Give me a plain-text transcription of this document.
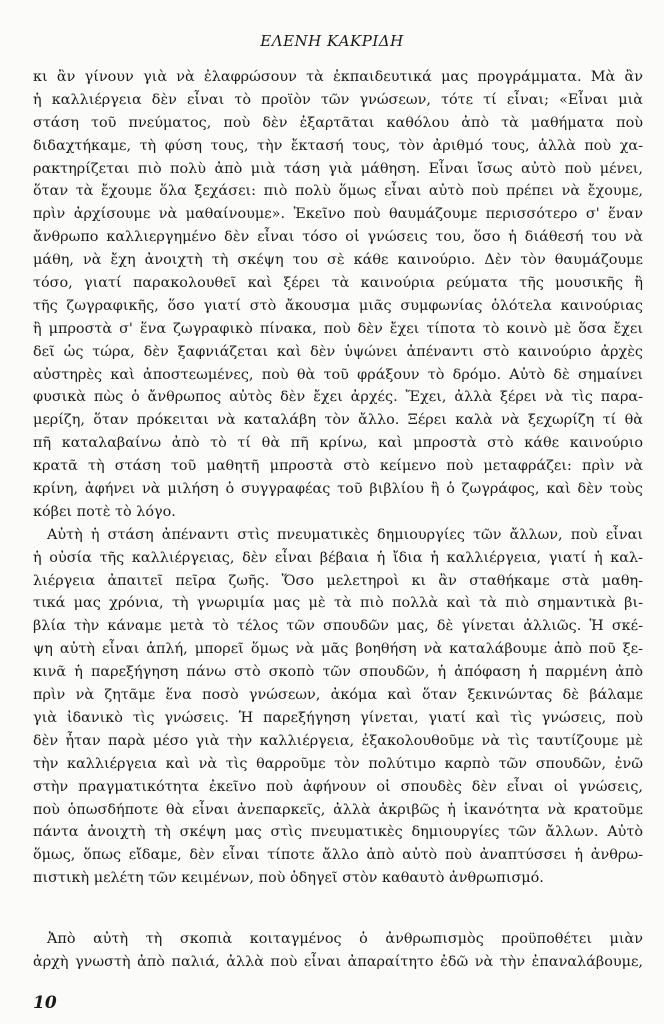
ΕΛΕΝΗ ΚΑΚΡΙΔΗ
κι ἂν γίνουν γιὰ νὰ ἐλαφρώσουν τὰ ἐκπαιδευτικά μας προγράμματα. Μὰ ἂν
ἡ καλλιέργεια δὲν εἶναι τὸ προϊὸν τῶν γνώσεων, τότε τί εἶναι; «Εἶναι μιὰ
στάση τοῦ πνεύματος, ποὺ δὲν ἐξαρτᾶται καθόλου ἀπὸ τὰ μαθήματα ποὺ
διδαχτήκαμε, τὴ φύση τους, τὴν ἔκτασή τους, τὸν ἀριθμό τους, ἀλλὰ ποὺ χα-
ρακτηρίζεται πιὸ πολὺ ἀπὸ μιὰ τάση γιὰ μάθηση. Εἶναι ἴσως αὐτὸ ποὺ μένει,
ὅταν τὰ ἔχουμε ὅλα ξεχάσει: πιὸ πολὺ ὅμως εἶναι αὐτὸ ποὺ πρέπει νὰ ἔχουμε,
πρὶν ἀρχίσουμε νὰ μαθαίνουμε». Ἐκεῖνο ποὺ θαυμάζουμε περισσότερο σ' ἕναν
ἄνθρωπο καλλιεργημένο δὲν εἶναι τόσο οἱ γνώσεις του, ὅσο ἡ διάθεσή του νὰ
μάθη, νὰ ἔχη ἀνοιχτὴ τὴ σκέψη του σὲ κάθε καινούριο. Δὲν τὸν θαυμάζουμε
τόσο, γιατί παρακολουθεῖ καὶ ξέρει τὰ καινούρια ρεύματα τῆς μουσικῆς ἢ
τῆς ζωγραφικῆς, ὅσο γιατί στὸ ἄκουσμα μιᾶς συμφωνίας ὁλότελα καινούριας
ἢ μπροστὰ σ' ἕνα ζωγραφικὸ πίνακα, ποὺ δὲν ἔχει τίποτα τὸ κοινὸ μὲ ὅσα ἔχει
δεῖ ὡς τώρα, δὲν ξαφνιάζεται καὶ δὲν ὑψώνει ἀπέναντι στὸ καινούριο ἀρχὲς
αὐστηρὲς καὶ ἀποστεωμένες, ποὺ θὰ τοῦ φράξουν τὸ δρόμο. Αὐτὸ δὲ σημαίνει
φυσικὰ πὼς ὁ ἄνθρωπος αὐτὸς δὲν ἔχει ἀρχές. Ἔχει, ἀλλὰ ξέρει νὰ τὶς παρα-
μερίζη, ὅταν πρόκειται νὰ καταλάβη τὸν ἄλλο. Ξέρει καλὰ νὰ ξεχωρίζη τί θὰ
πῆ καταλαβαίνω ἀπὸ τὸ τί θὰ πῆ κρίνω, καὶ μπροστὰ στὸ κάθε καινούριο
κρατᾶ τὴ στάση τοῦ μαθητῆ μπροστὰ στὸ κείμενο ποὺ μεταφράζει: πρὶν νὰ
κρίνη, ἀφήνει νὰ μιλήση ὁ συγγραφέας τοῦ βιβλίου ἢ ὁ ζωγράφος, καὶ δὲν τοὺς
κόβει ποτὲ τὸ λόγο.
Αὐτὴ ἡ στάση ἀπέναντι στὶς πνευματικὲς δημιουργίες τῶν ἄλλων, ποὺ εἶναι
ἡ οὐσία τῆς καλλιέργειας, δὲν εἶναι βέβαια ἡ ἴδια ἡ καλλιέργεια, γιατί ἡ καλ-
λιέργεια ἀπαιτεῖ πεῖρα ζωῆς. Ὅσο μελετηροὶ κι ἂν σταθήκαμε στὰ μαθη-
τικά μας χρόνια, τὴ γνωριμία μας μὲ τὰ πιὸ πολλὰ καὶ τὰ πιὸ σημαντικὰ βι-
βλία τὴν κάναμε μετὰ τὸ τέλος τῶν σπουδῶν μας, δὲ γίνεται ἀλλιῶς. Ἡ σκέ-
ψη αὐτὴ εἶναι ἁπλή, μπορεῖ ὅμως νὰ μᾶς βοηθήση νὰ καταλάβουμε ἀπὸ ποῦ ξε-
κινᾶ ἡ παρεξήγηση πάνω στὸ σκοπὸ τῶν σπουδῶν, ἡ ἀπόφαση ἡ παρμένη ἀπὸ
πρὶν νὰ ζητᾶμε ἕνα ποσὸ γνώσεων, ἀκόμα καὶ ὅταν ξεκινώντας δὲ βάλαμε
γιὰ ἰδανικὸ τὶς γνώσεις. Ἡ παρεξήγηση γίνεται, γιατί καὶ τὶς γνώσεις, ποὺ
δὲν ἦταν παρὰ μέσο γιὰ τὴν καλλιέργεια, ἐξακολουθοῦμε νὰ τὶς ταυτίζουμε μὲ
τὴν καλλιέργεια καὶ νὰ τὶς θαρροῦμε τὸν πολύτιμο καρπὸ τῶν σπουδῶν, ἐνῶ
στὴν πραγματικότητα ἐκεῖνο ποὺ ἀφήνουν οἱ σπουδὲς δὲν εἶναι οἱ γνώσεις,
ποὺ ὁπωσδήποτε θὰ εἶναι ἀνεπαρκεῖς, ἀλλὰ ἀκριβῶς ἡ ἱκανότητα νὰ κρατοῦμε
πάντα ἀνοιχτὴ τὴ σκέψη μας στὶς πνευματικὲς δημιουργίες τῶν ἄλλων. Αὐτὸ
ὅμως, ὅπως εἴδαμε, δὲν εἶναι τίποτε ἄλλο ἀπὸ αὐτὸ ποὺ ἀναπτύσσει ἡ ἀνθρω-
πιστικὴ μελέτη τῶν κειμένων, ποὺ ὁδηγεῖ στὸν καθαυτὸ ἀνθρωπισμό.
Ἀπὸ αὐτὴ τὴ σκοπιὰ κοιταγμένος ὁ ἀνθρωπισμὸς προϋποθέτει μιὰν
ἀρχὴ γνωστὴ ἀπὸ παλιά, ἀλλὰ ποὺ εἶναι ἀπαραίτητο ἐδῶ νὰ τὴν ἐπαναλάβουμε,
10
